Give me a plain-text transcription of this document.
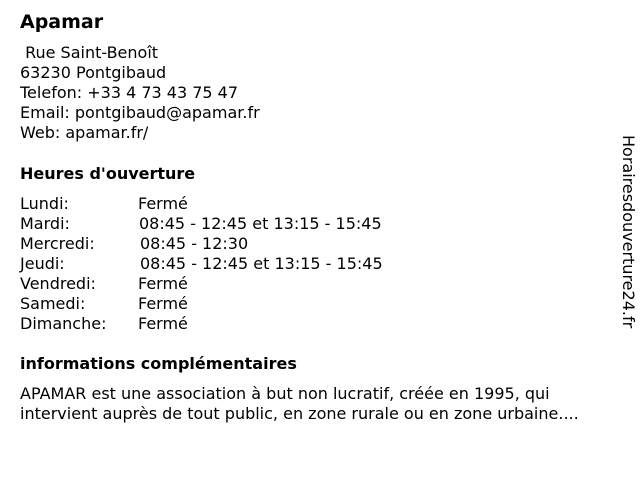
Apamar
Rue Saint-Benoît
63230 Pontgibaud
Telefon: +33 4 73 43 75 47
Email: pontgibaud@apamar.fr
Web: apamar.fr/
Heures d'ouverture
Lundi:	Fermé
Mardi:	08:45 - 12:45 et 13:15 - 15:45
Mercredi:	08:45 - 12:30
Jeudi:	08:45 - 12:45 et 13:15 - 15:45
Vendredi:	Fermé
Samedi:	Fermé
Dimanche: Fermé
informations complémentaires

APAMAR est une association à but non lucratif, créée en 1995, qui intervient auprès de tout public, en zone rurale ou en zone urbaine....

Horairesdouverture24.fr
